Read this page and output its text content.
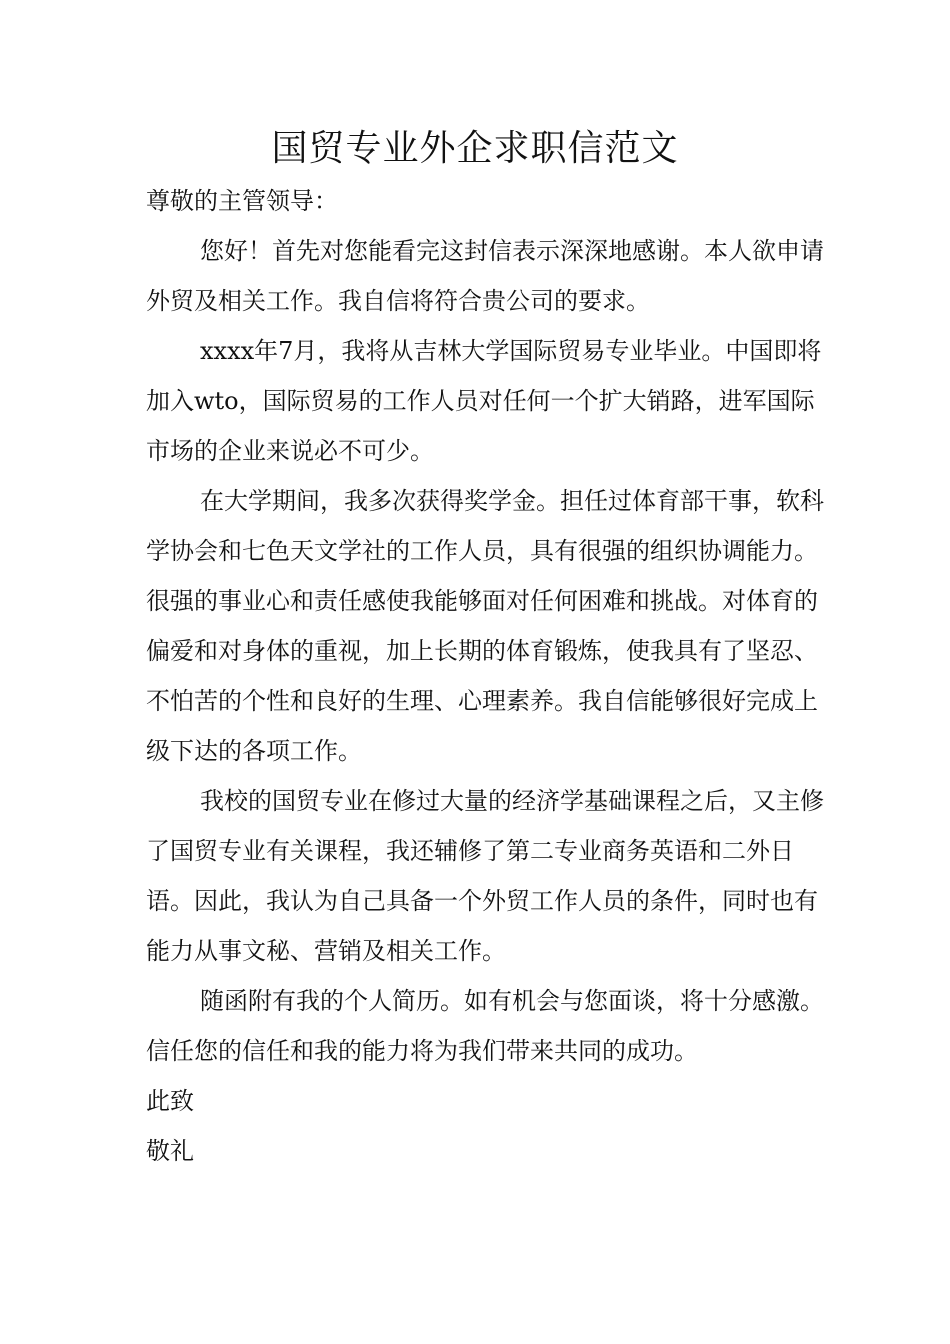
国贸专业外企求职信范文

尊敬的主管领导：

您好！首先对您能看完这封信表示深深地感谢。本人欲申请外贸及相关工作。我自信将符合贵公司的要求。

xxxx年7月，我将从吉林大学国际贸易专业毕业。中国即将加入wto，国际贸易的工作人员对任何一个扩大销路，进军国际市场的企业来说必不可少。

在大学期间，我多次获得奖学金。担任过体育部干事，软科学协会和七色天文学社的工作人员，具有很强的组织协调能力。很强的事业心和责任感使我能够面对任何困难和挑战。对体育的偏爱和对身体的重视，加上长期的体育锻炼，使我具有了坚忍、不怕苦的个性和良好的生理、心理素养。我自信能够很好完成上级下达的各项工作。

我校的国贸专业在修过大量的经济学基础课程之后，又主修了国贸专业有关课程，我还辅修了第二专业商务英语和二外日语。因此，我认为自己具备一个外贸工作人员的条件，同时也有能力从事文秘、营销及相关工作。

随函附有我的个人简历。如有机会与您面谈，将十分感激。

信任您的信任和我的能力将为我们带来共同的成功。

此致

敬礼
